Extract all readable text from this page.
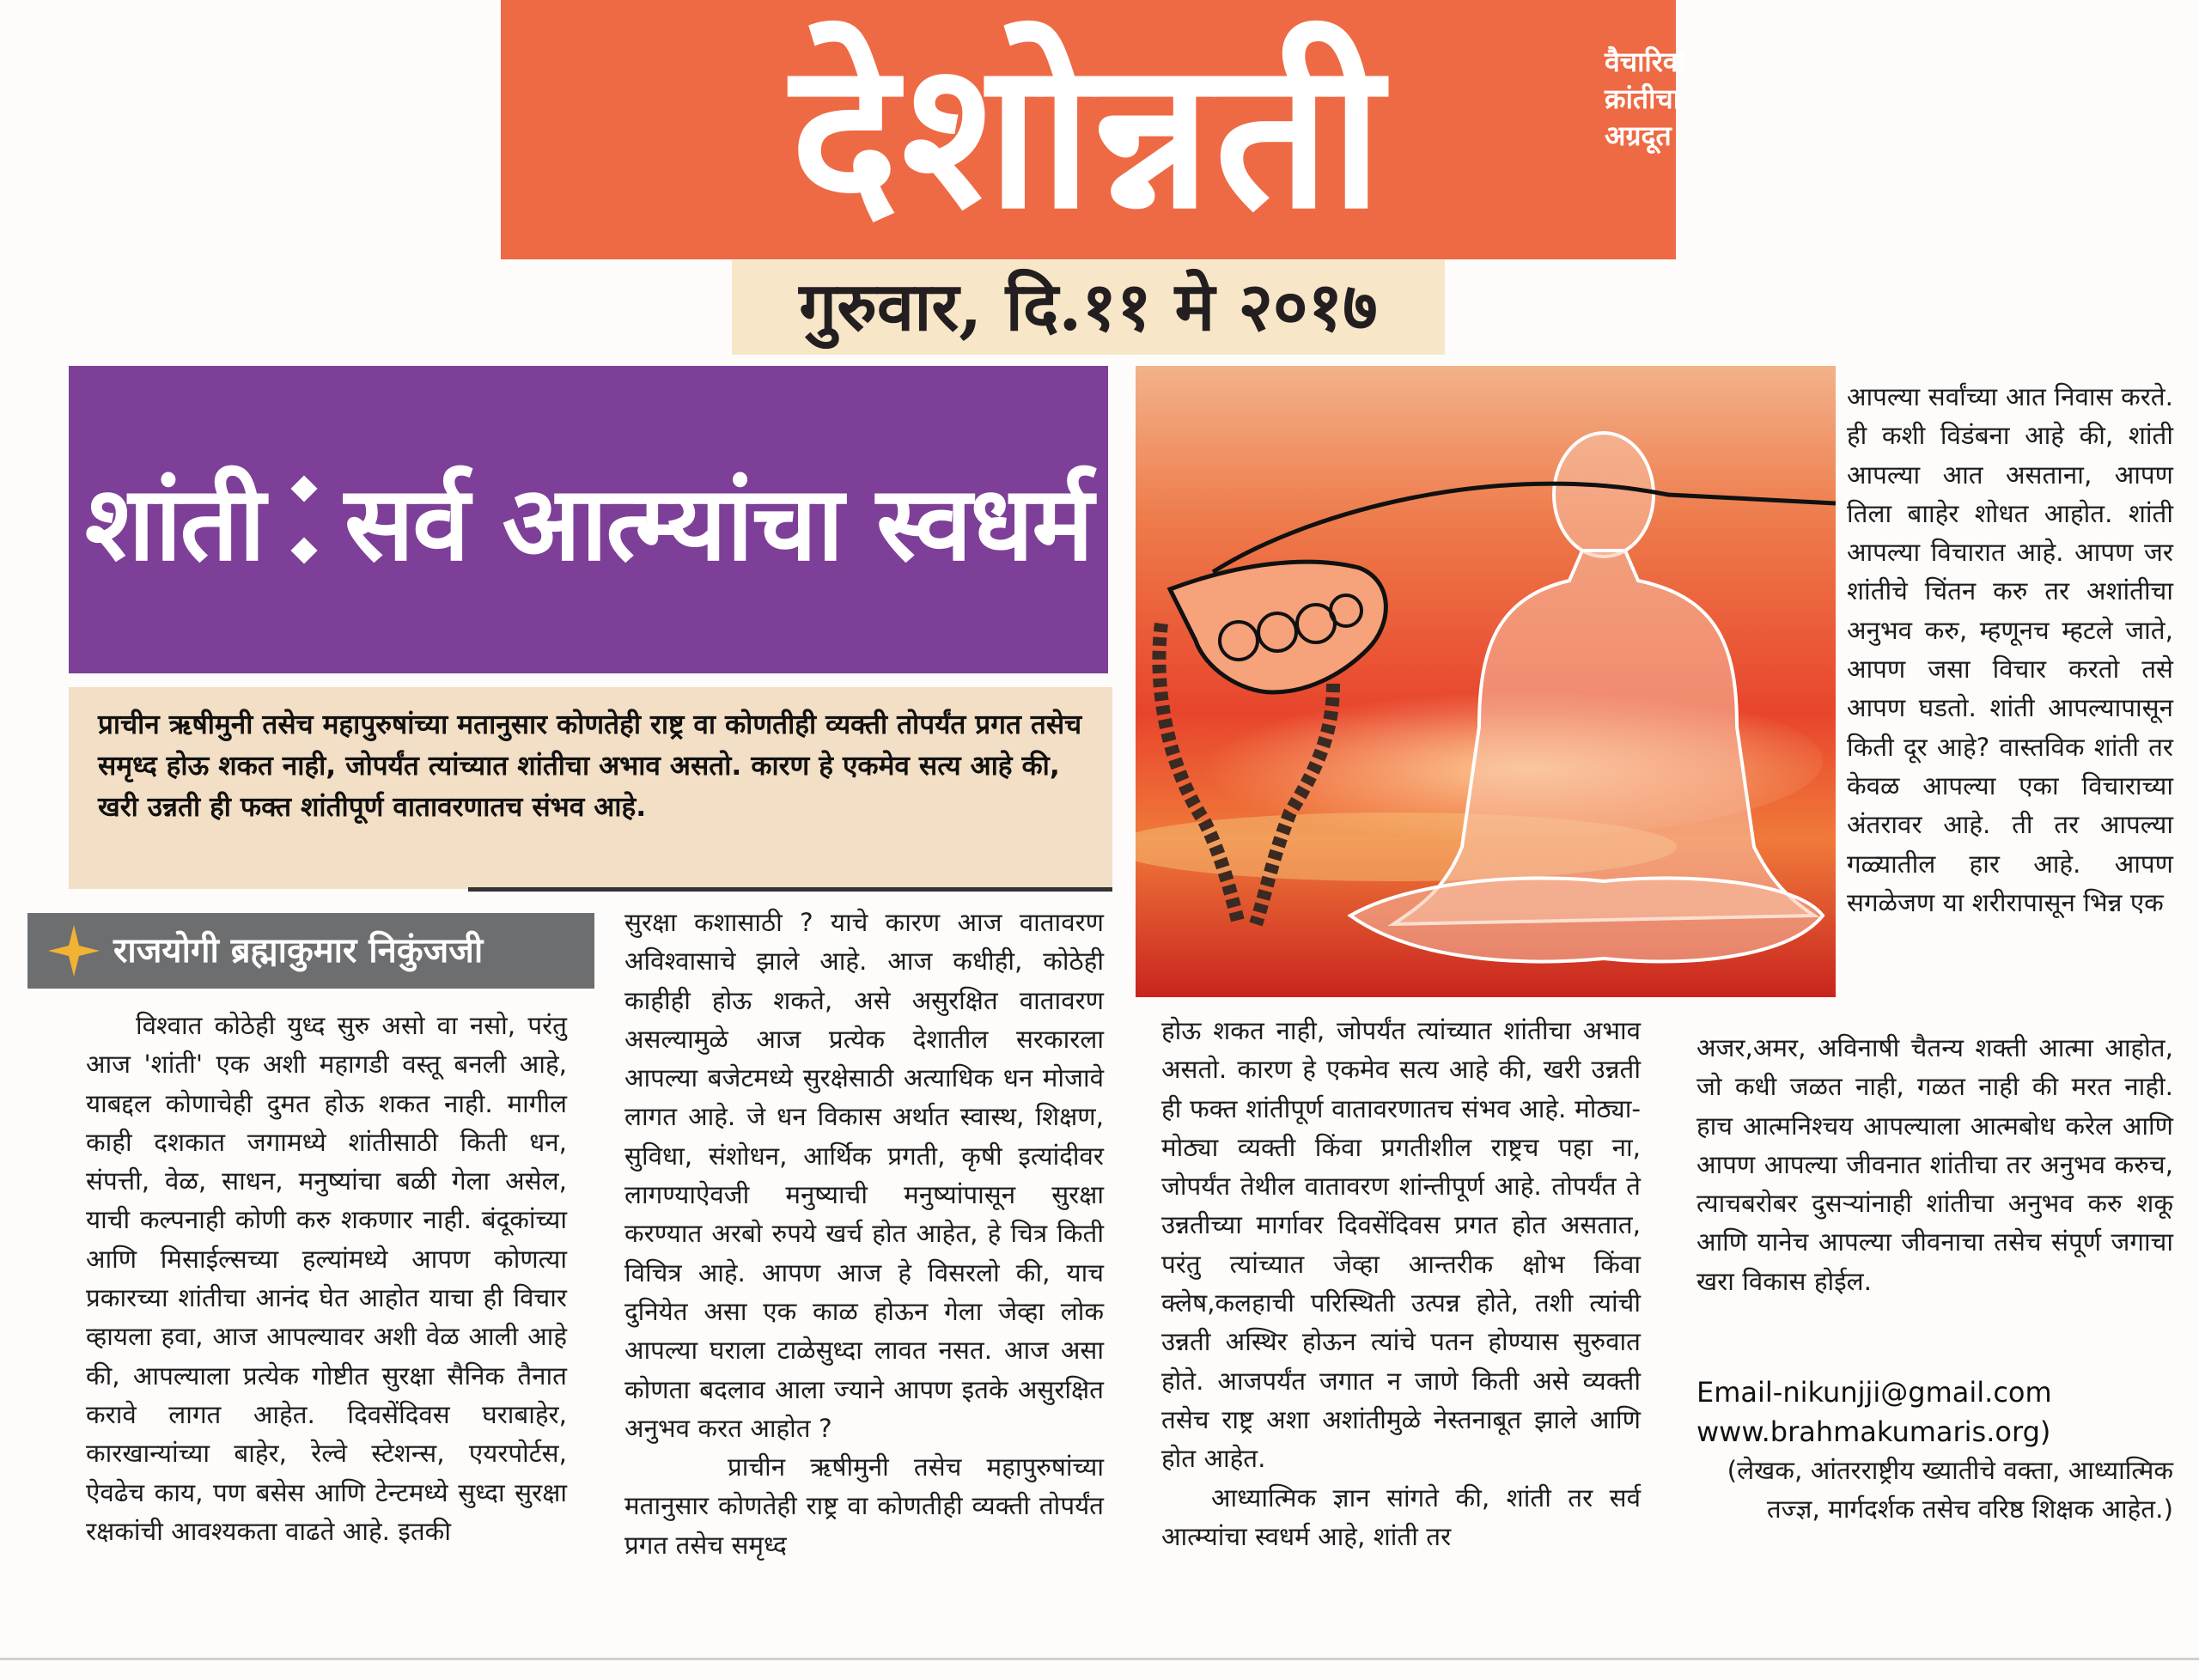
देशोन्नती	वैचारिक क्रांतीचा अग्रदूत
गुरुवार, दि.११ मे २०१७
शांती सर्व आत्म्यांचा स्वधर्म
प्राचीन ऋषीमुनी तसेच महापुरुषांच्या मतानुसार कोणतेही राष्ट्र वा कोणतीही व्यक्ती तोपर्यंत प्रगत तसेच समृध्द होऊ शकत नाही, जोपर्यंत त्यांच्यात शांतीचा अभाव असतो. कारण हे एकमेव सत्य आहे की, खरी उन्नती ही फक्त शांतीपूर्ण वातावरणातच संभव आहे.
राजयोगी ब्रह्माकुमार निकुंजजी

विश्वात कोठेही युध्द सुरु असो वा नसो, परंतु आज 'शांती' एक अशी महागडी वस्तू बनली आहे, याबद्दल कोणाचेही दुमत होऊ शकत नाही. मागील काही दशकात जगामध्ये शांतीसाठी किती धन, संपत्ती, वेळ, साधन, मनुष्यांचा बळी गेला असेल, याची कल्पनाही कोणी करु शकणार नाही. बंदूकांच्या आणि मिसाईल्सच्या हल्यांमध्ये आपण कोणत्या प्रकारच्या शांतीचा आनंद घेत आहोत याचा ही विचार व्हायला हवा, आज आपल्यावर अशी वेळ आली आहे की, आपल्याला प्रत्येक गोष्टीत सुरक्षा सैनिक तैनात करावे लागत आहेत. दिवसेंदिवस घराबाहेर, कारखान्यांच्या बाहेर, रेल्वे स्टेशन्स, एयरपोर्टस, ऐवढेच काय, पण बसेस आणि टेन्टमध्ये सुध्दा सुरक्षा रक्षकांची आवश्यकता वाढते आहे. इतकी

सुरक्षा कशासाठी ? याचे कारण आज वातावरण अविश्वासाचे झाले आहे. आज कधीही, कोठेही काहीही होऊ शकते, असे असुरक्षित वातावरण असल्यामुळे आज प्रत्येक देशातील सरकारला आपल्या बजेटमध्ये सुरक्षेसाठी अत्याधिक धन मोजावे लागत आहे. जे धन विकास अर्थात स्वास्थ, शिक्षण, सुविधा, संशोधन, आर्थिक प्रगती, कृषी इत्यांदीवर लागण्याऐवजी मनुष्याची मनुष्यांपासून सुरक्षा करण्यात अरबो रुपये खर्च होत आहेत, हे चित्र किती विचित्र आहे. आपण आज हे विसरलो की, याच दुनियेत असा एक काळ होऊन गेला जेव्हा लोक आपल्या घराला टाळेसुध्दा लावत नसत. आज असा कोणता बदलाव आला ज्याने आपण इतके असुरक्षित अनुभव करत आहोत ?

प्राचीन ऋषीमुनी तसेच महापुरुषांच्या मतानुसार कोणतेही राष्ट्र वा कोणतीही व्यक्ती तोपर्यंत प्रगत तसेच समृध्द

होऊ शकत नाही, जोपर्यंत त्यांच्यात शांतीचा अभाव असतो. कारण हे एकमेव सत्य आहे की, खरी उन्नती ही फक्त शांतीपूर्ण वातावरणातच संभव आहे. मोठ्या-मोठ्या व्यक्ती किंवा प्रगतीशील राष्ट्रच पहा ना, जोपर्यंत तेथील वातावरण शांन्तीपूर्ण आहे. तोपर्यंत ते उन्नतीच्या मार्गावर दिवसेंदिवस प्रगत होत असतात, परंतु त्यांच्यात जेव्हा आन्तरीक क्षोभ किंवा क्लेष,कलहाची परिस्थिती उत्पन्न होते, तशी त्यांची उन्नती अस्थिर होऊन त्यांचे पतन होण्यास सुरुवात होते. आजपर्यंत जगात न जाणे किती असे व्यक्ती तसेच राष्ट्र अशा अशांतीमुळे नेस्तनाबूत झाले आणि होत आहेत.

आध्यात्मिक ज्ञान सांगते की, शांती तर सर्व आत्म्यांचा स्वधर्म आहे, शांती तर

आपल्या सर्वांच्या आत निवास करते. ही कशी विडंबना आहे की, शांती आपल्या आत असताना, आपण तिला बााहेर शोधत आहोत. शांती आपल्या विचारात आहे. आपण जर शांतीचे चिंतन करु तर अशांतीचा अनुभव करु, म्हणूनच म्हटले जाते, आपण जसा विचार करतो तसे आपण घडतो. शांती आपल्यापासून किती दूर आहे? वास्तविक शांती तर केवळ आपल्या एका विचाराच्या अंतरावर आहे. ती तर आपल्या गळ्यातील हार आहे. आपण सगळेजण या शरीरापासून भिन्न एक

अजर,अमर, अविनाषी चैतन्य शक्ती आत्मा आहोत, जो कधी जळत नाही, गळत नाही की मरत नाही. हाच आत्मनिश्चय आपल्याला आत्मबोध करेल आणि आपण आपल्या जीवनात शांतीचा तर अनुभव करुच, त्याचबरोबर दुसऱ्यांनाही शांतीचा अनुभव करु शकू आणि यानेच आपल्या जीवनाचा तसेच संपूर्ण जगाचा खरा विकास होईल.

Email-nikunjji@gmail.com
www.brahmakumaris.org)
(लेखक, आंतरराष्ट्रीय ख्यातीचे वक्ता, आध्यात्मिक तज्ज्ञ, मार्गदर्शक तसेच वरिष्ठ शिक्षक आहेत.)
